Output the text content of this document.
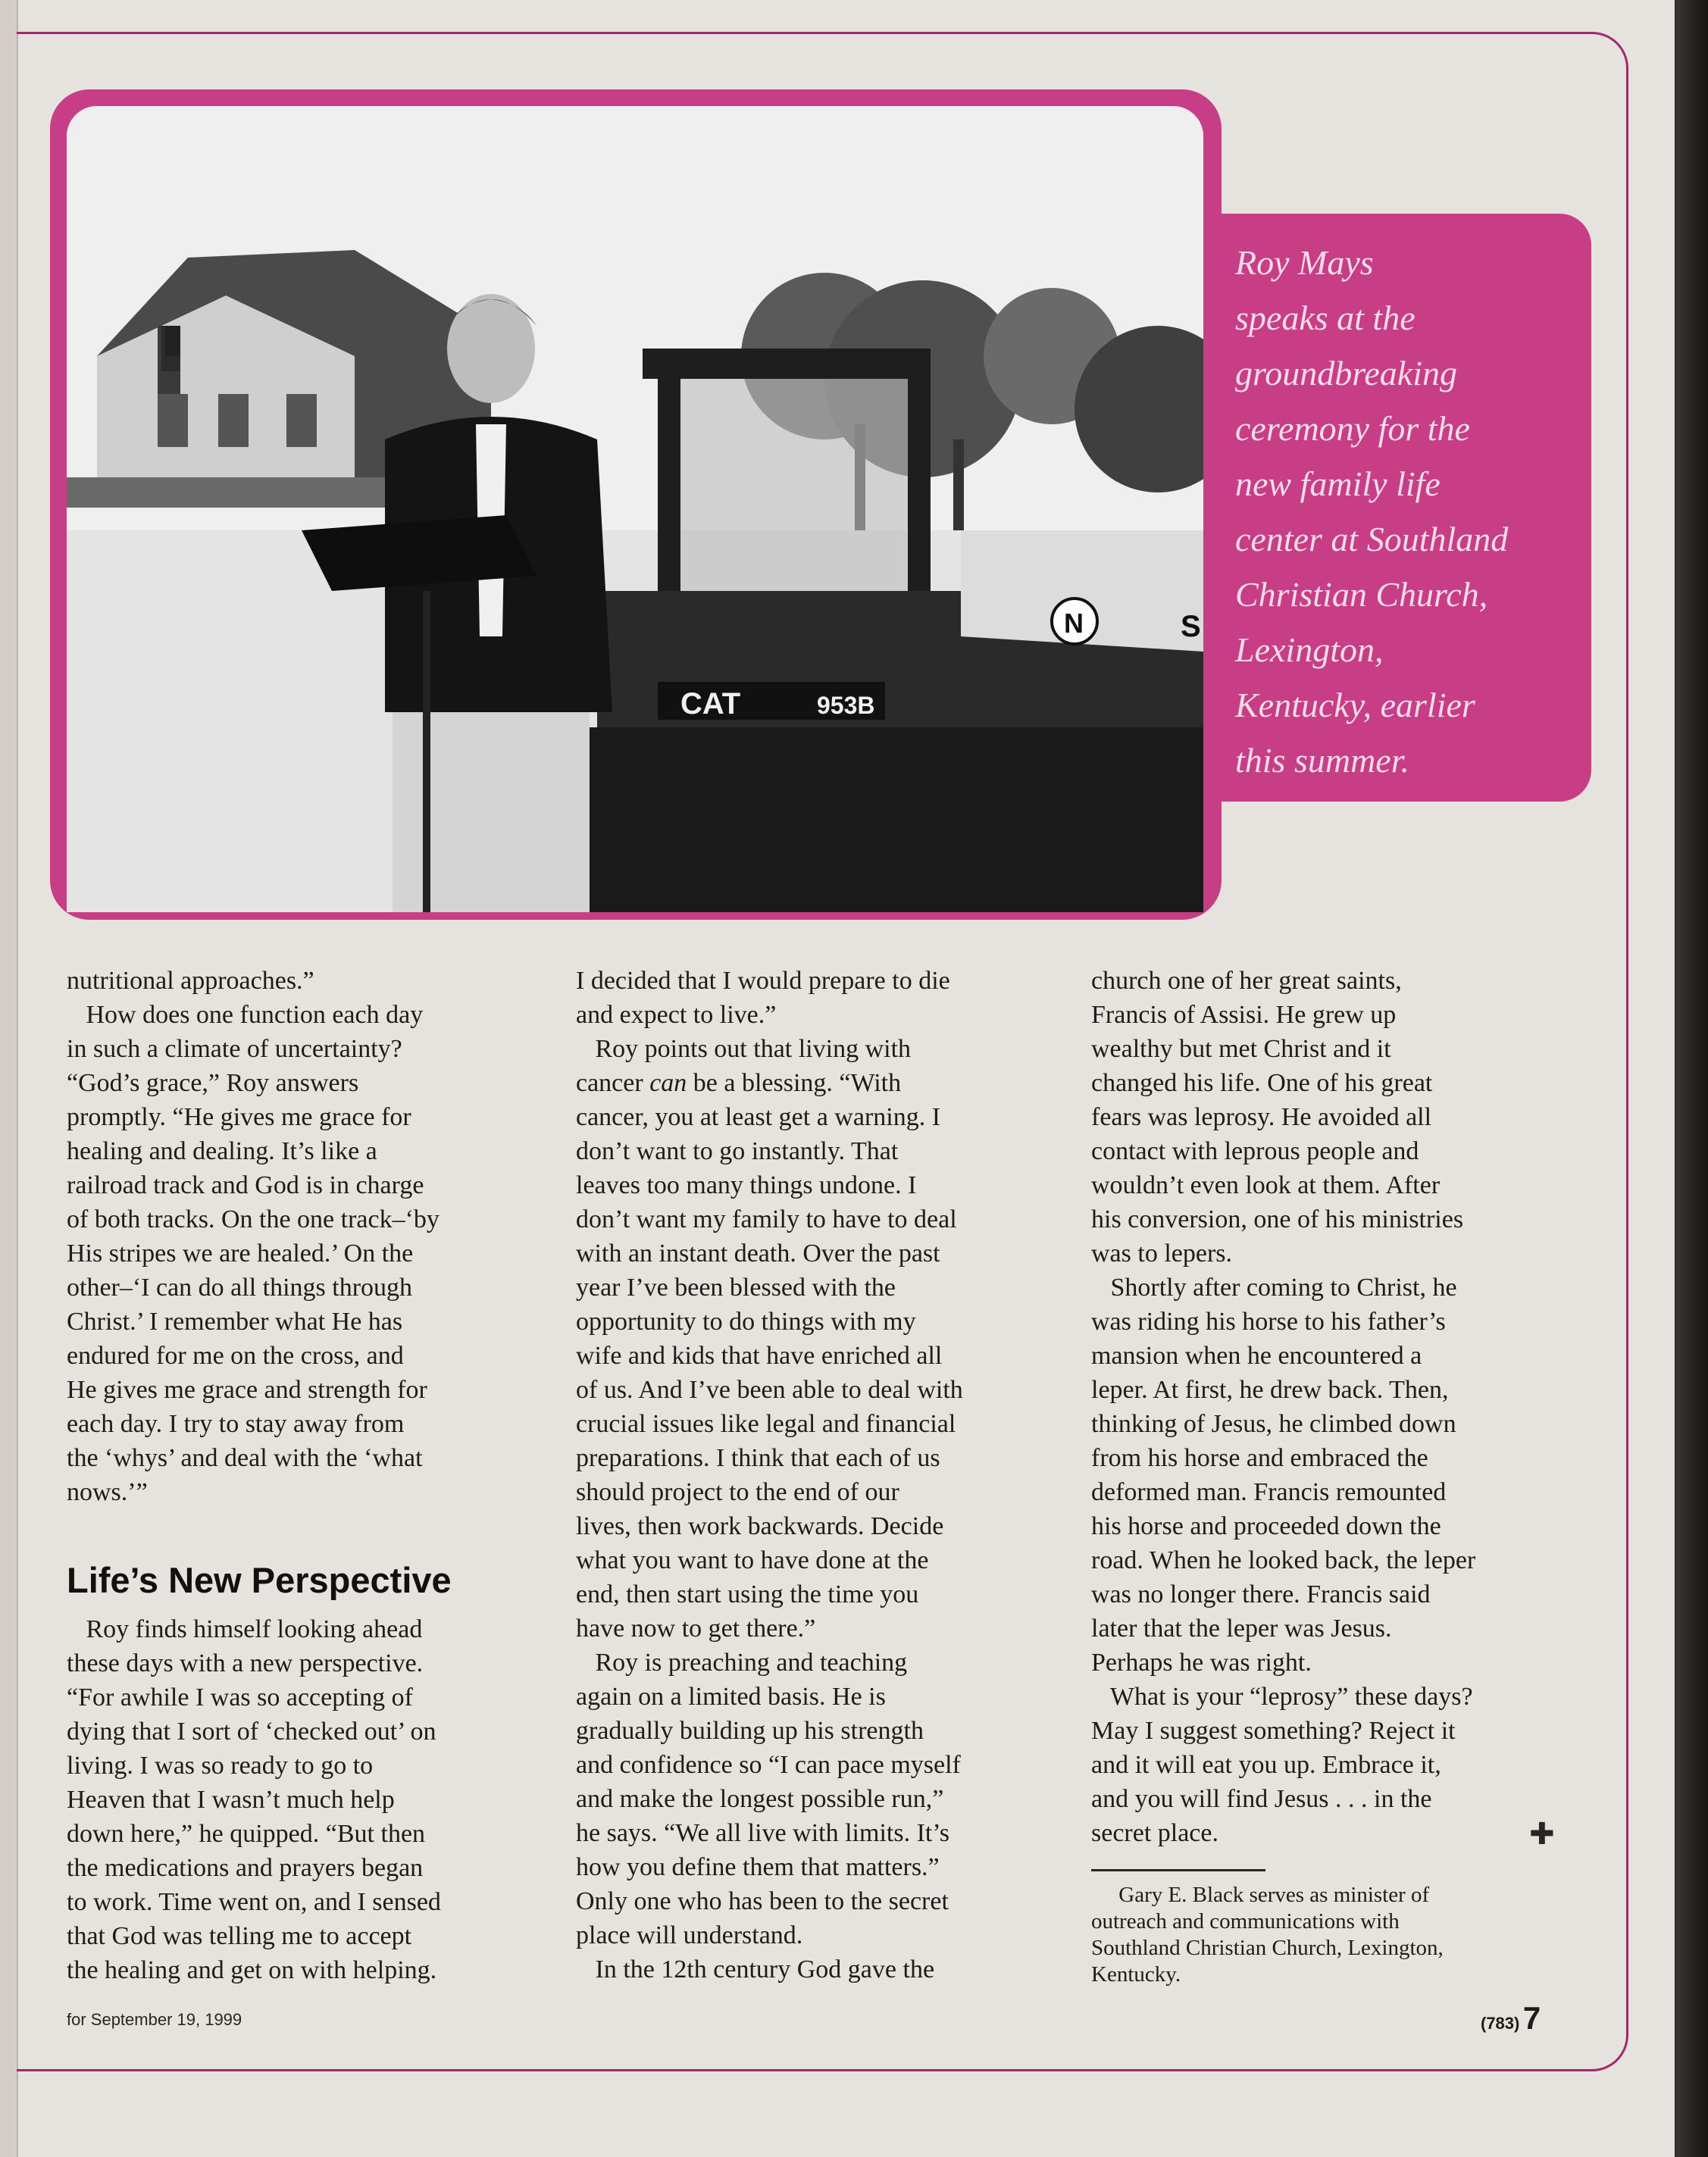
CAT	953B
N	S
Roy Mays
speaks at the
groundbreaking
ceremony for the
new family life
center at Southland
Christian Church,
Lexington,
Kentucky, earlier
this summer.

nutritional approaches.”
How does one function each day
in such a climate of uncertainty?
“God’s grace,” Roy answers
promptly. “He gives me grace for
healing and dealing. It’s like a
railroad track and God is in charge
of both tracks. On the one track–‘by
His stripes we are healed.’ On the
other–‘I can do all things through
Christ.’ I remember what He has
endured for me on the cross, and
He gives me grace and strength for
each day. I try to stay away from
the ‘whys’ and deal with the ‘what
nows.’”

Life’s New Perspective

Roy finds himself looking ahead
these days with a new perspective.
“For awhile I was so accepting of
dying that I sort of ‘checked out’ on
living. I was so ready to go to
Heaven that I wasn’t much help
down here,” he quipped. “But then
the medications and prayers began
to work. Time went on, and I sensed
that God was telling me to accept
the healing and get on with helping.

I decided that I would prepare to die
and expect to live.”
Roy points out that living with
cancer can be a blessing. “With
cancer, you at least get a warning. I
don’t want to go instantly. That
leaves too many things undone. I
don’t want my family to have to deal
with an instant death. Over the past
year I’ve been blessed with the
opportunity to do things with my
wife and kids that have enriched all
of us. And I’ve been able to deal with
crucial issues like legal and financial
preparations. I think that each of us
should project to the end of our
lives, then work backwards. Decide
what you want to have done at the
end, then start using the time you
have now to get there.”
Roy is preaching and teaching
again on a limited basis. He is
gradually building up his strength
and confidence so “I can pace myself
and make the longest possible run,”
he says. “We all live with limits. It’s
how you define them that matters.”
Only one who has been to the secret
place will understand.
In the 12th century God gave the

church one of her great saints,
Francis of Assisi. He grew up
wealthy but met Christ and it
changed his life. One of his great
fears was leprosy. He avoided all
contact with leprous people and
wouldn’t even look at them. After
his conversion, one of his ministries
was to lepers.
Shortly after coming to Christ, he
was riding his horse to his father’s
mansion when he encountered a
leper. At first, he drew back. Then,
thinking of Jesus, he climbed down
from his horse and embraced the
deformed man. Francis remounted
his horse and proceeded down the
road. When he looked back, the leper
was no longer there. Francis said
later that the leper was Jesus.
Perhaps he was right.
What is your “leprosy” these days?
May I suggest something? Reject it
and it will eat you up. Embrace it,
and you will find Jesus . . . in the
secret place.	✚
Gary E. Black serves as minister of
outreach and communications with
Southland Christian Church, Lexington,
Kentucky.
for September 19, 1999	(783) 7
